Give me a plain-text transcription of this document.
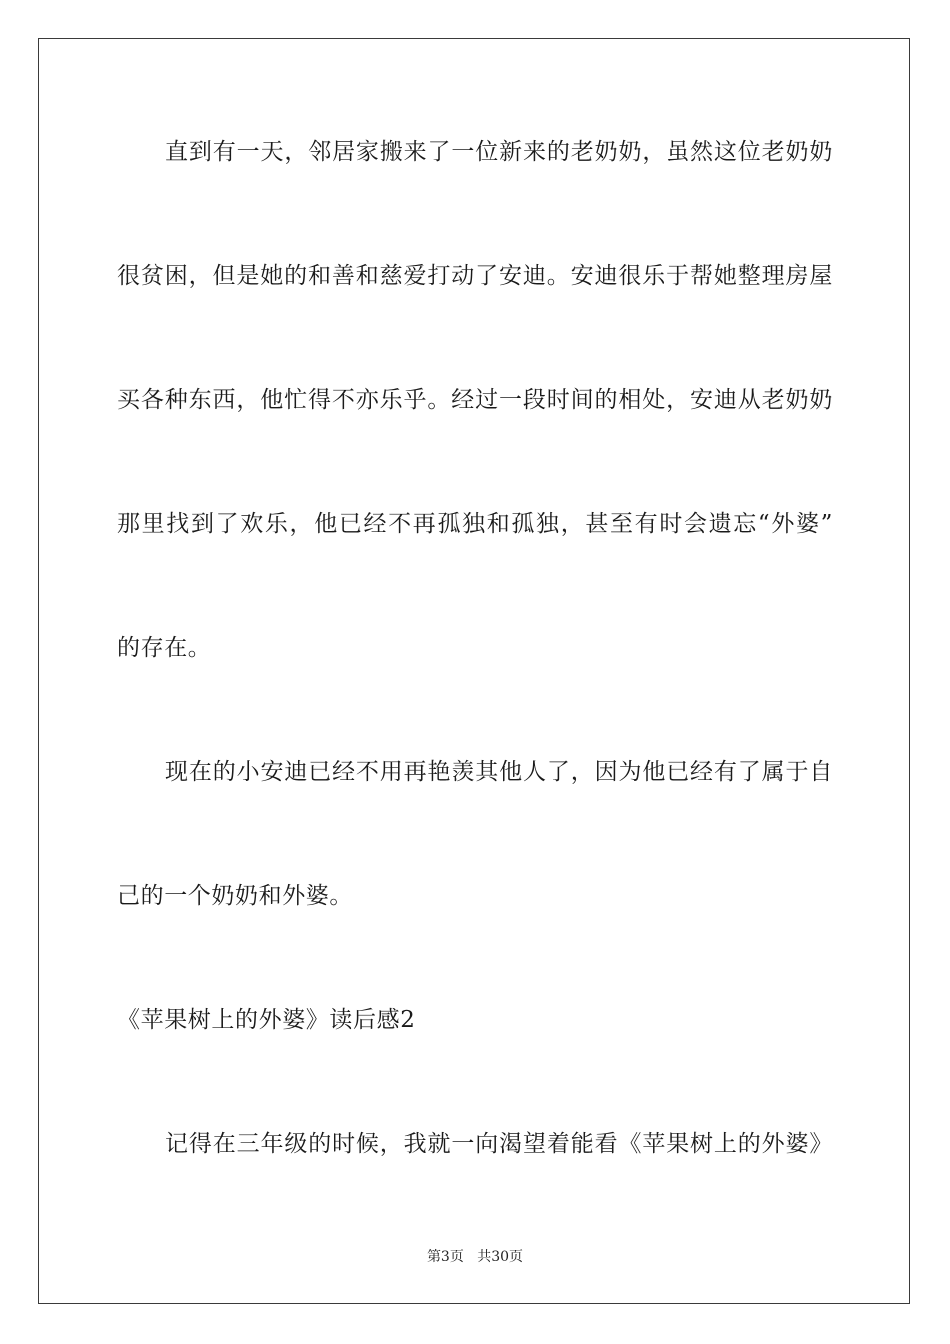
直到有一天，邻居家搬来了一位新来的老奶奶，虽然这位老奶奶
很贫困，但是她的和善和慈爱打动了安迪。安迪很乐于帮她整理房屋
买各种东西，他忙得不亦乐乎。经过一段时间的相处，安迪从老奶奶
那里找到了欢乐，他已经不再孤独和孤独，甚至有时会遗忘“外婆”
的存在。
现在的小安迪已经不用再艳羡其他人了，因为他已经有了属于自
己的一个奶奶和外婆。
《苹果树上的外婆》读后感2
记得在三年级的时候，我就一向渴望着能看《苹果树上的外婆》
第3页 共30页
